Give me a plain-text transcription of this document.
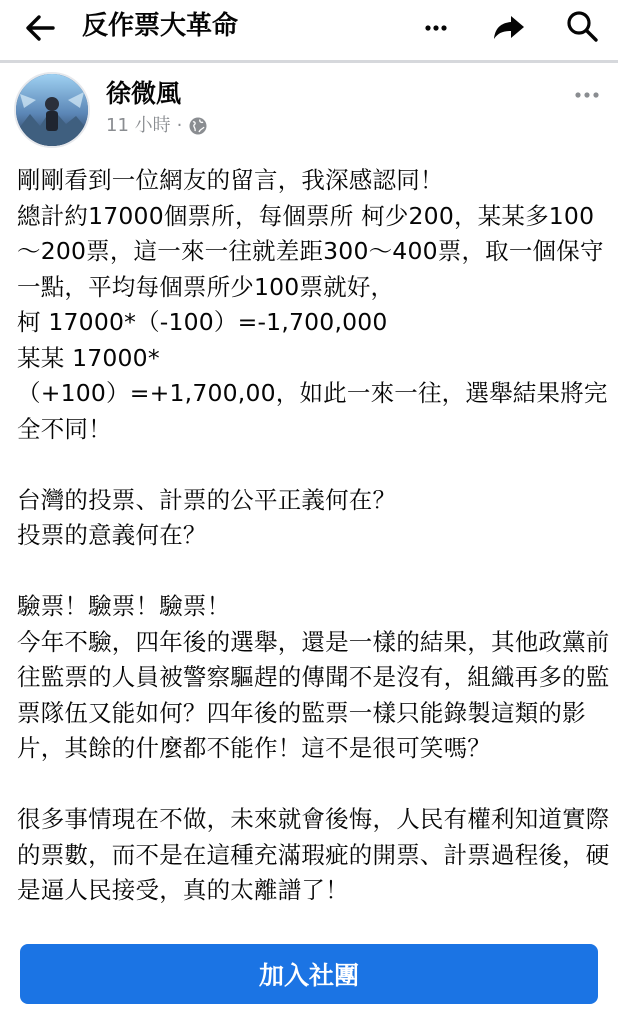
反作票大革命
徐微風
11 小時 ·
剛剛看到一位網友的留言，我深感認同！
總計約17000個票所，每個票所 柯少200，某某多100～200票，這一來一往就差距300～400票，取一個保守一點，平均每個票所少100票就好，
柯 17000*（-100）=-1,700,000
某某 17000*
（+100）=+1,700,00，如此一來一往，選舉結果將完全不同！

台灣的投票、計票的公平正義何在？
投票的意義何在？

驗票！驗票！驗票！
今年不驗，四年後的選舉，還是一樣的結果，其他政黨前往監票的人員被警察驅趕的傳聞不是沒有，組織再多的監票隊伍又能如何？四年後的監票一樣只能錄製這類的影片，其餘的什麼都不能作！這不是很可笑嗎？

很多事情現在不做，未來就會後悔，人民有權利知道實際的票數，而不是在這種充滿瑕疵的開票、計票過程後，硬是逼人民接受，真的太離譜了！
加入社團
